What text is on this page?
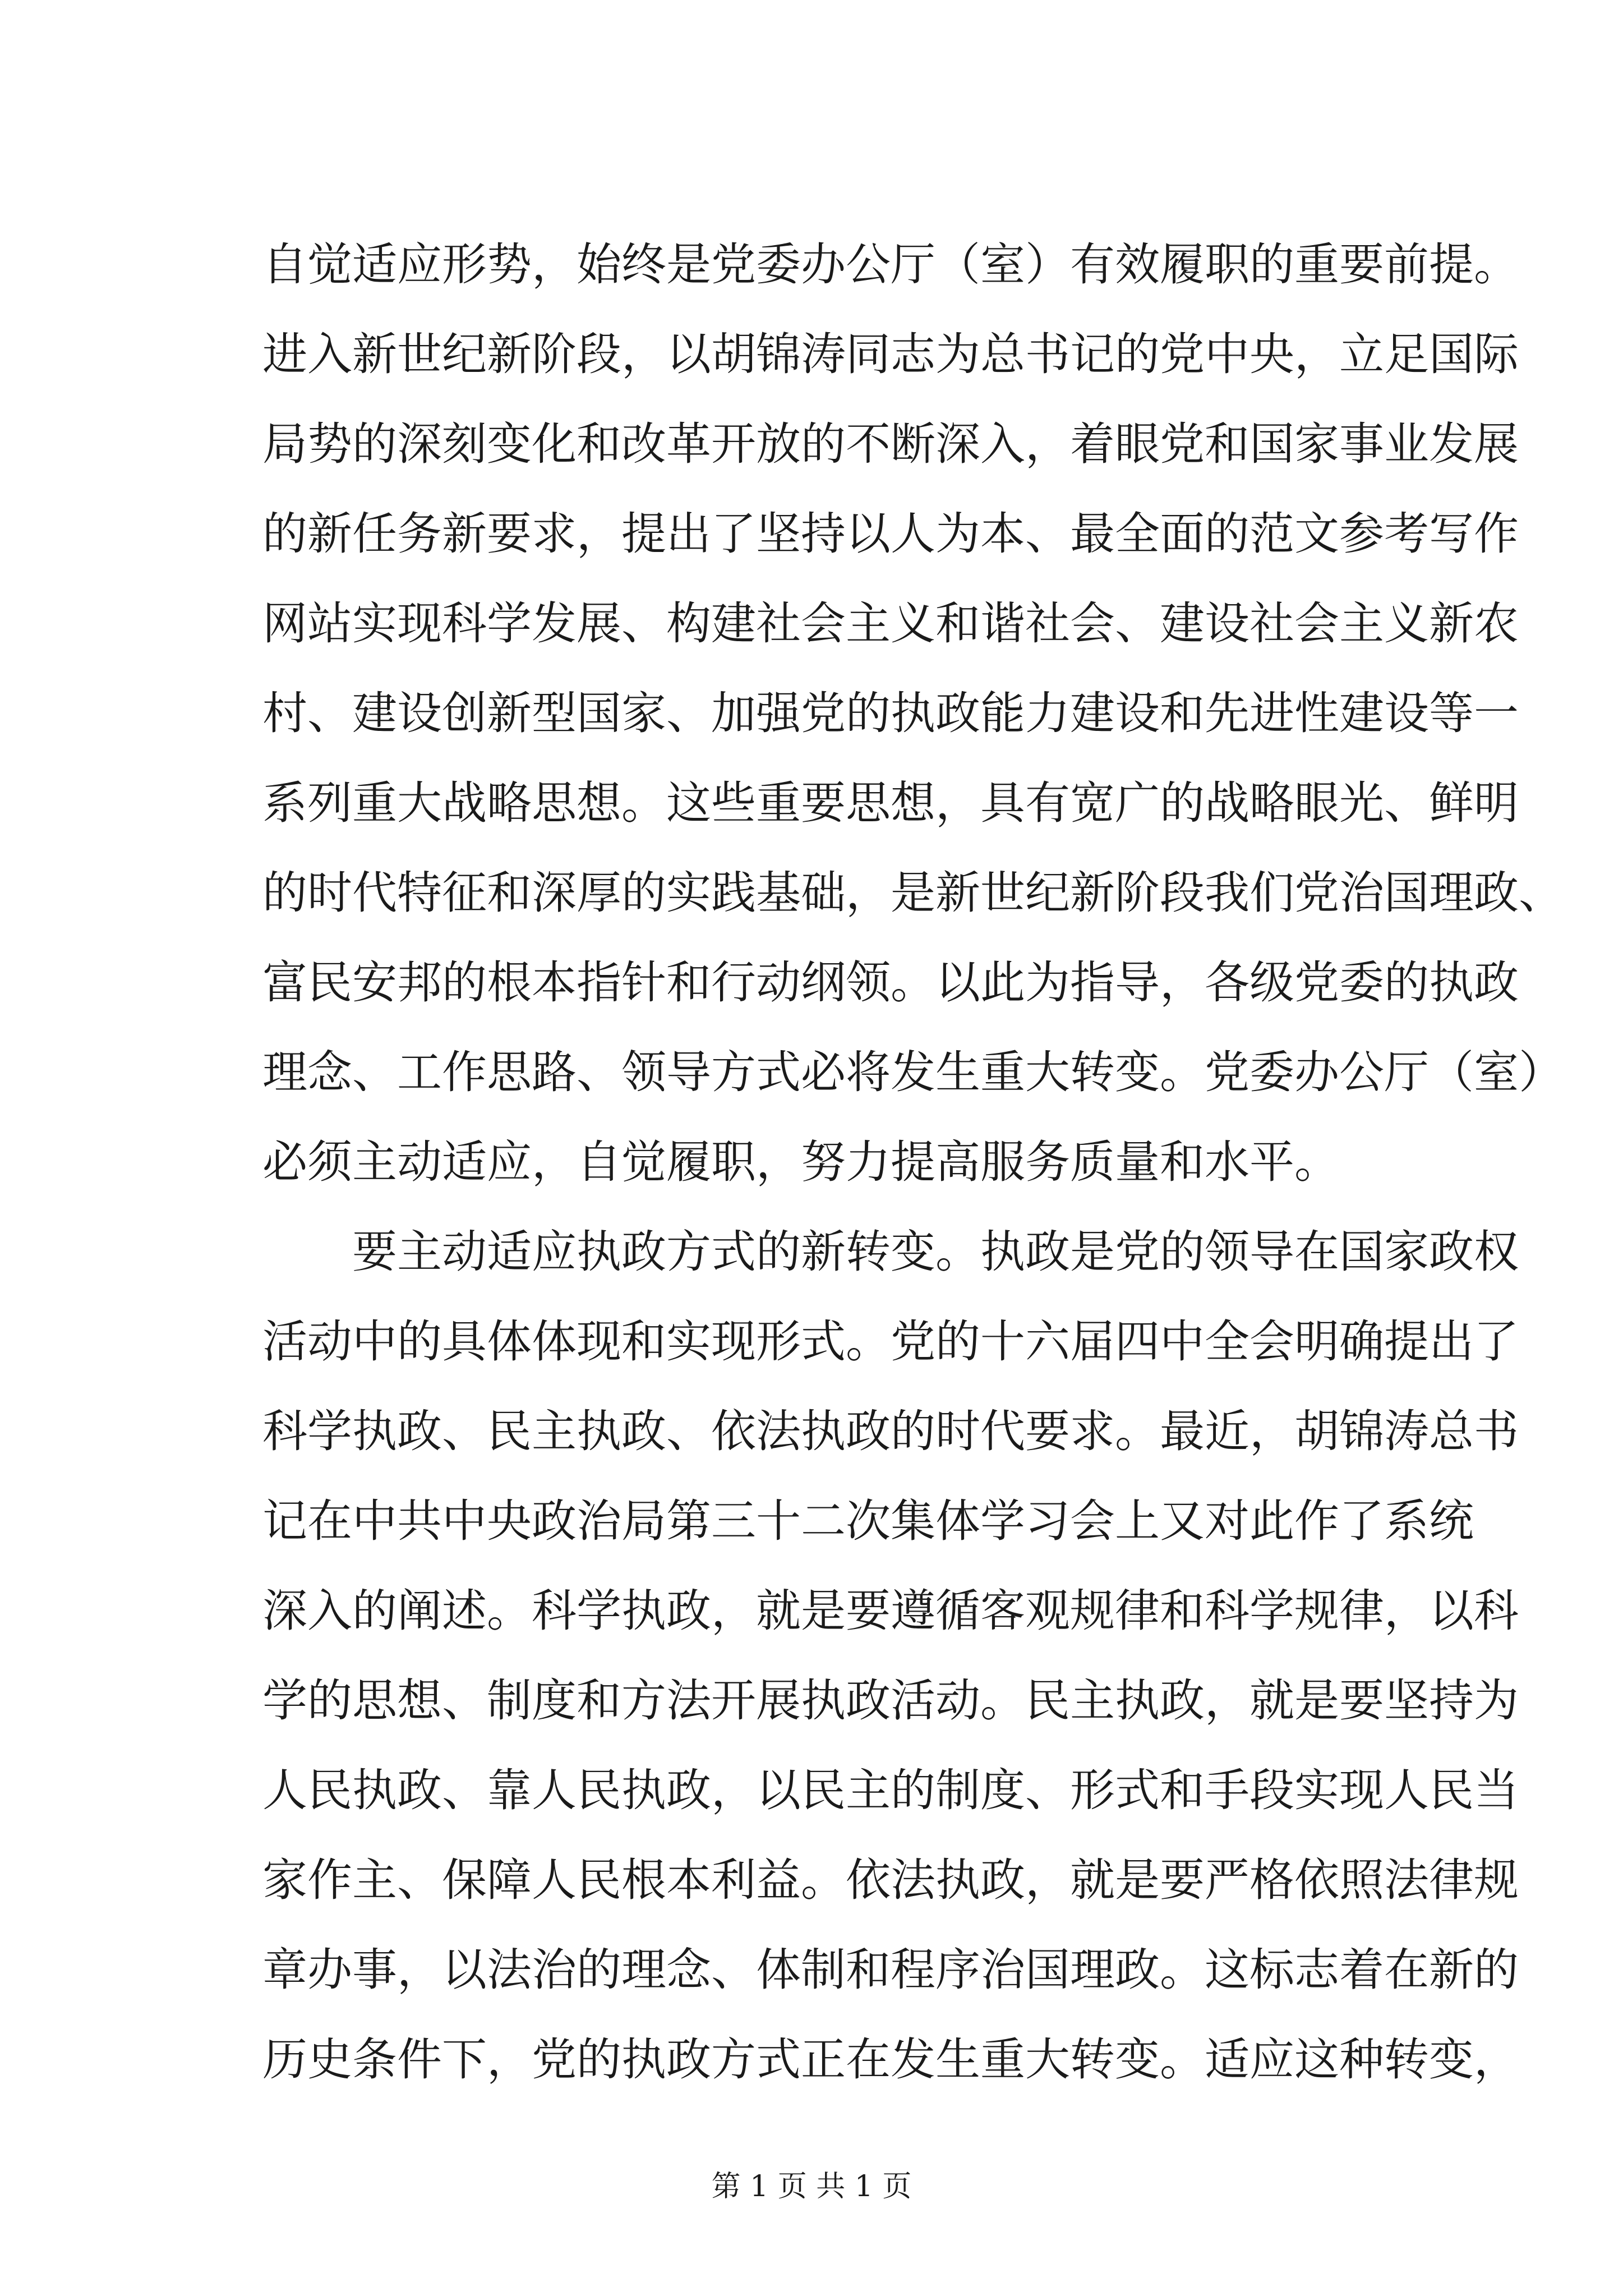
自觉适应形势，始终是党委办公厅（室）有效履职的重要前提。
进入新世纪新阶段，以胡锦涛同志为总书记的党中央，立足国际
局势的深刻变化和改革开放的不断深入，着眼党和国家事业发展
的新任务新要求，提出了坚持以人为本、最全面的范文参考写作
网站实现科学发展、构建社会主义和谐社会、建设社会主义新农
村、建设创新型国家、加强党的执政能力建设和先进性建设等一
系列重大战略思想。这些重要思想，具有宽广的战略眼光、鲜明
的时代特征和深厚的实践基础，是新世纪新阶段我们党治国理政、
富民安邦的根本指针和行动纲领。以此为指导，各级党委的执政
理念、工作思路、领导方式必将发生重大转变。党委办公厅（室）
必须主动适应，自觉履职，努力提高服务质量和水平。
要主动适应执政方式的新转变。执政是党的领导在国家政权
活动中的具体体现和实现形式。党的十六届四中全会明确提出了
科学执政、民主执政、依法执政的时代要求。最近，胡锦涛总书
记在中共中央政治局第三十二次集体学习会上又对此作了系统
深入的阐述。科学执政，就是要遵循客观规律和科学规律，以科
学的思想、制度和方法开展执政活动。民主执政，就是要坚持为
人民执政、靠人民执政，以民主的制度、形式和手段实现人民当
家作主、保障人民根本利益。依法执政，就是要严格依照法律规
章办事，以法治的理念、体制和程序治国理政。这标志着在新的
历史条件下，党的执政方式正在发生重大转变。适应这种转变，
第 1 页 共 1 页
